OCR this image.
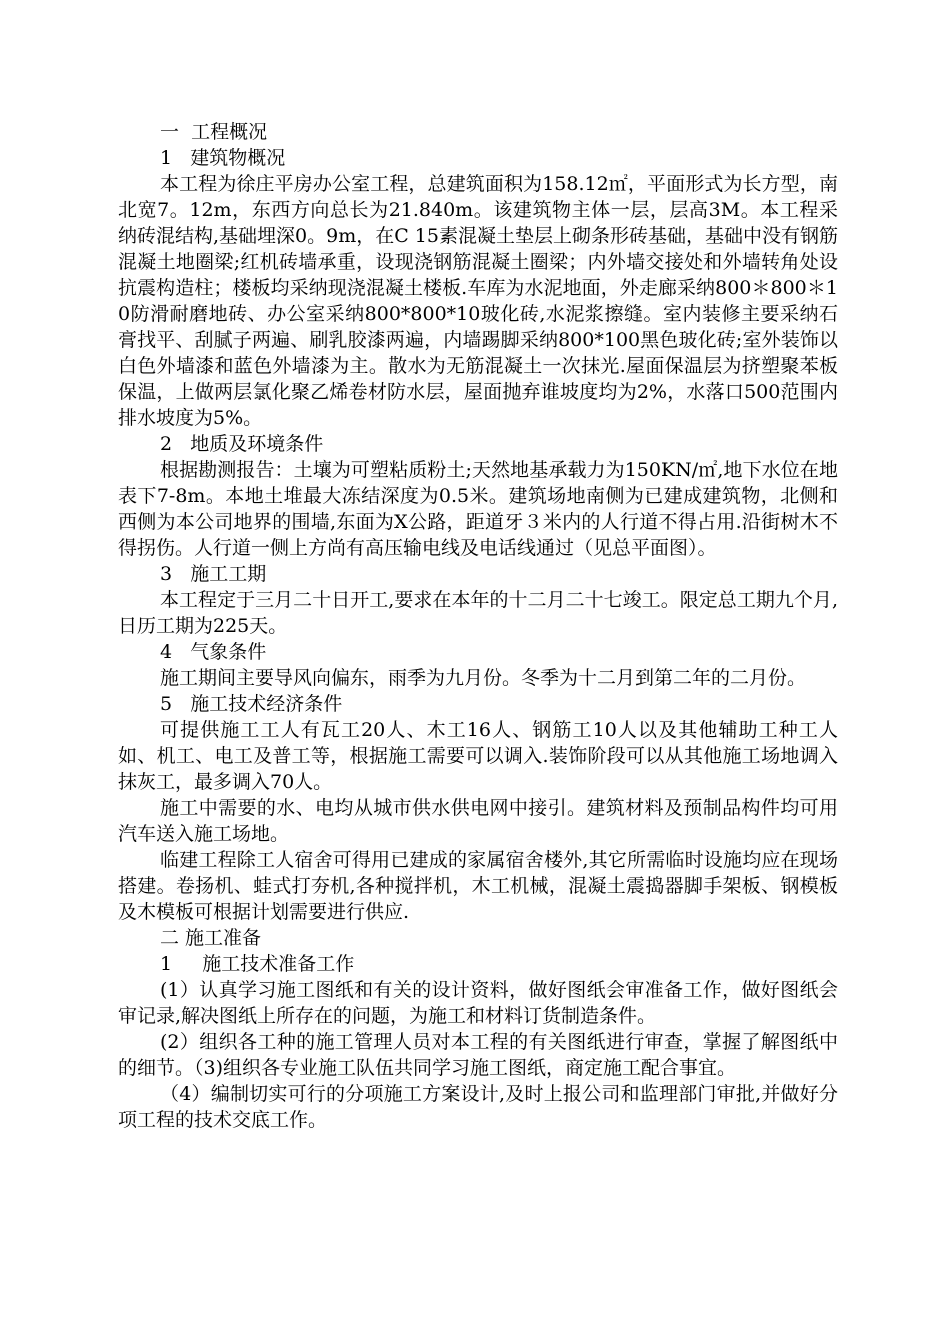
一  工程概况

1   建筑物概况

本工程为徐庄平房办公室工程，总建筑面积为158.12㎡，平面形式为长方型，南北宽7。12m，东西方向总长为21.840m。该建筑物主体一层，层高3M。本工程采纳砖混结构,基础埋深0。9m，在C 15素混凝土垫层上砌条形砖基础，基础中没有钢筋混凝土地圈梁;红机砖墙承重，设现浇钢筋混凝土圈梁；内外墙交接处和外墙转角处设抗震构造柱；楼板均采纳现浇混凝土楼板.车库为水泥地面，外走廊采纳800＊800＊10防滑耐磨地砖、办公室采纳800*800*10玻化砖,水泥浆擦缝。室内装修主要采纳石膏找平、刮腻子两遍、刷乳胶漆两遍，内墙踢脚采纳800*100黑色玻化砖;室外装饰以白色外墙漆和蓝色外墙漆为主。散水为无筋混凝土一次抹光.屋面保温层为挤塑聚苯板保温，上做两层氯化聚乙烯卷材防水层，屋面抛弃谁坡度均为2%，水落口500范围内排水坡度为5%。

2   地质及环境条件

根据勘测报告：土壤为可塑粘质粉土;天然地基承载力为150KN/㎡,地下水位在地表下7-8m。本地土堆最大冻结深度为0.5米。建筑场地南侧为已建成建筑物，北侧和西侧为本公司地界的围墙,东面为X公路，距道牙３米内的人行道不得占用.沿街树木不得拐伤。人行道一侧上方尚有高压输电线及电话线通过（见总平面图）。

3   施工工期

本工程定于三月二十日开工,要求在本年的十二月二十七竣工。限定总工期九个月,日历工期为225天。

4   气象条件

施工期间主要导风向偏东，雨季为九月份。冬季为十二月到第二年的二月份。

5   施工技术经济条件

可提供施工工人有瓦工20人、木工16人、钢筋工10人以及其他辅助工种工人如、机工、电工及普工等，根据施工需要可以调入.装饰阶段可以从其他施工场地调入抹灰工，最多调入70人。

施工中需要的水、电均从城市供水供电网中接引。建筑材料及预制品构件均可用汽车送入施工场地。

临建工程除工人宿舍可得用已建成的家属宿舍楼外,其它所需临时设施均应在现场搭建。卷扬机、蛙式打夯机,各种搅拌机，木工机械，混凝土震捣器脚手架板、钢模板及木模板可根据计划需要进行供应.

二 施工准备

1     施工技术准备工作

(1）认真学习施工图纸和有关的设计资料，做好图纸会审准备工作，做好图纸会审记录,解决图纸上所存在的问题，为施工和材料订货制造条件。

(2）组织各工种的施工管理人员对本工程的有关图纸进行审查，掌握了解图纸中的细节。（3)组织各专业施工队伍共同学习施工图纸，商定施工配合事宜。

（4）编制切实可行的分项施工方案设计,及时上报公司和监理部门审批,并做好分项工程的技术交底工作。
